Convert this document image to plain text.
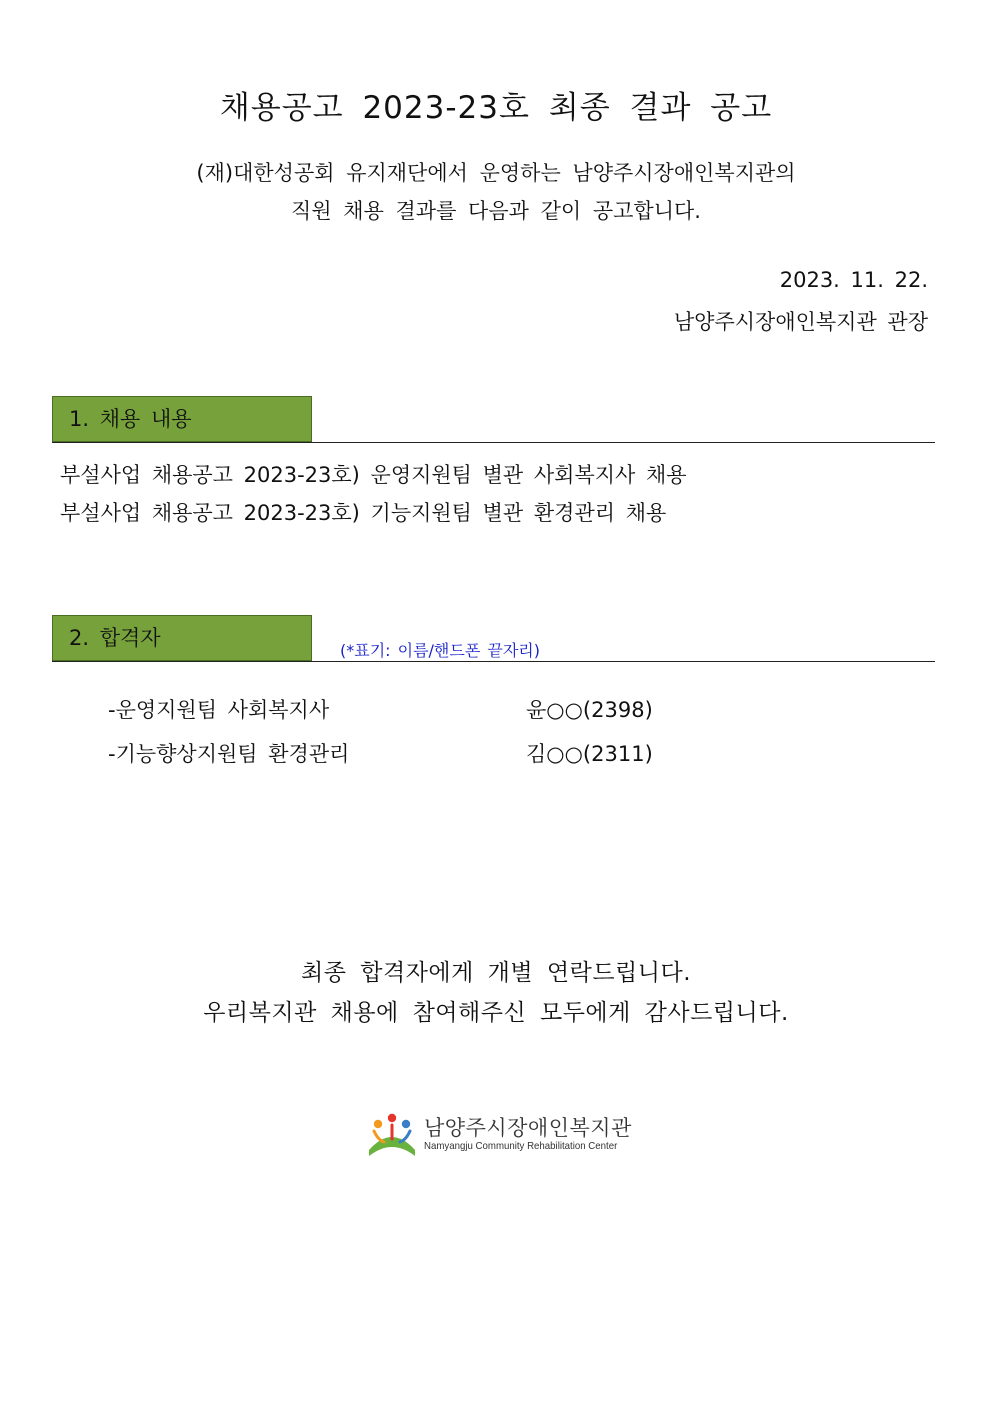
채용공고 2023-23호 최종 결과 공고
(재)대한성공회 유지재단에서 운영하는 남양주시장애인복지관의
직원 채용 결과를 다음과 같이 공고합니다.
2023. 11. 22.
남양주시장애인복지관 관장
1. 채용 내용
부설사업 채용공고 2023-23호) 운영지원팀 별관 사회복지사 채용
부설사업 채용공고 2023-23호) 기능지원팀 별관 환경관리 채용
2. 합격자
(*표기: 이름/핸드폰 끝자리)
-운영지원팀 사회복지사	윤○○(2398)
-기능향상지원팀 환경관리	김○○(2311)
최종 합격자에게 개별 연락드립니다.
우리복지관 채용에 참여해주신 모두에게 감사드립니다.
남양주시장애인복지관
Namyangju Community Rehabilitation Center
